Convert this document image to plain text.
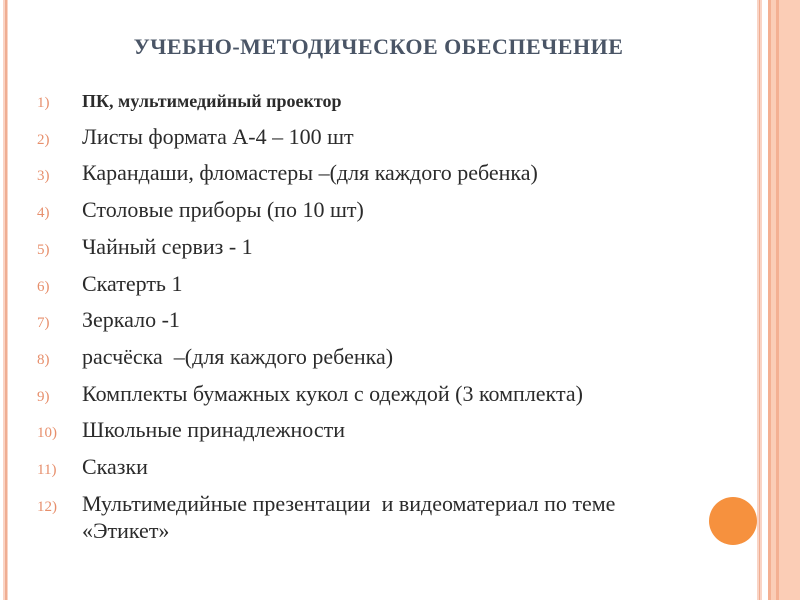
УЧЕБНО-МЕТОДИЧЕСКОЕ ОБЕСПЕЧЕНИЕ
1)	ПК, мультимедийный проектор
2)	Листы формата А-4 – 100 шт
3)	Карандаши, фломастеры –(для каждого ребенка)
4)	Столовые приборы (по 10 шт)
5)	Чайный сервиз - 1
6)	Скатерть 1
7)	Зеркало -1
8)	расчёска  –(для каждого ребенка)
9)	Комплекты бумажных кукол с одеждой (3 комплекта)
10)	Школьные принадлежности
11)	Сказки
12)	Мультимедийные презентации  и видеоматериал по теме «Этикет»
